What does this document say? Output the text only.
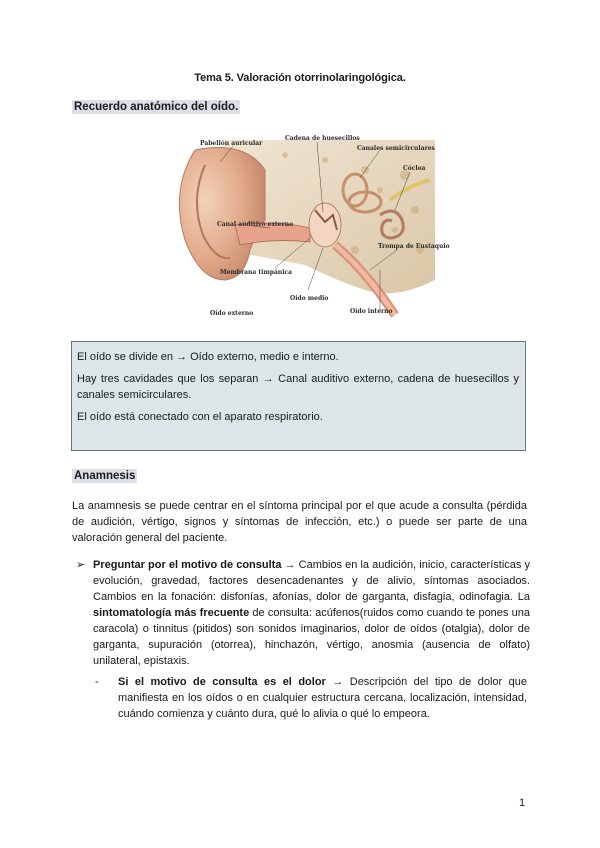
Tema 5. Valoración otorrinolaringológica.
Recuerdo anatómico del oído.
Pabellón auricular
Cadena de huesecillos
Canales semicirculares
Cóclea
Canal auditivo externo
Trompa de Eustaquio
Membrana timpánica
Oído medio
Oído externo	Oído interno

El oído se divide en → Oído externo, medio e interno.

Hay tres cavidades que los separan → Canal auditivo externo, cadena de huesecillos y canales semicirculares.

El oído está conectado con el aparato respiratorio.

Anamnesis
La anamnesis se puede centrar en el síntoma principal por el que acude a consulta (pérdida de audición, vértigo, signos y síntomas de infección, etc.) o puede ser parte de una valoración general del paciente.
➢ Preguntar por el motivo de consulta → Cambios en la audición, inicio, características y evolución, gravedad, factores desencadenantes y de alivio, síntomas asociados. Cambios en la fonación: disfonías, afonías, dolor de garganta, disfagia, odinofagia. La sintomatología más frecuente de consulta: acúfenos(ruidos como cuando te pones una caracola) o tinnitus (pitidos) son sonidos imaginarios, dolor de oídos (otalgia), dolor de garganta, supuración (otorrea), hinchazón, vértigo, anosmia (ausencia de olfato) unilateral, epistaxis.
- Si el motivo de consulta es el dolor → Descripción del tipo de dolor que manifiesta en los oídos o en cualquier estructura cercana, localización, intensidad, cuándo comienza y cuánto dura, qué lo alivia o qué lo empeora.
1
